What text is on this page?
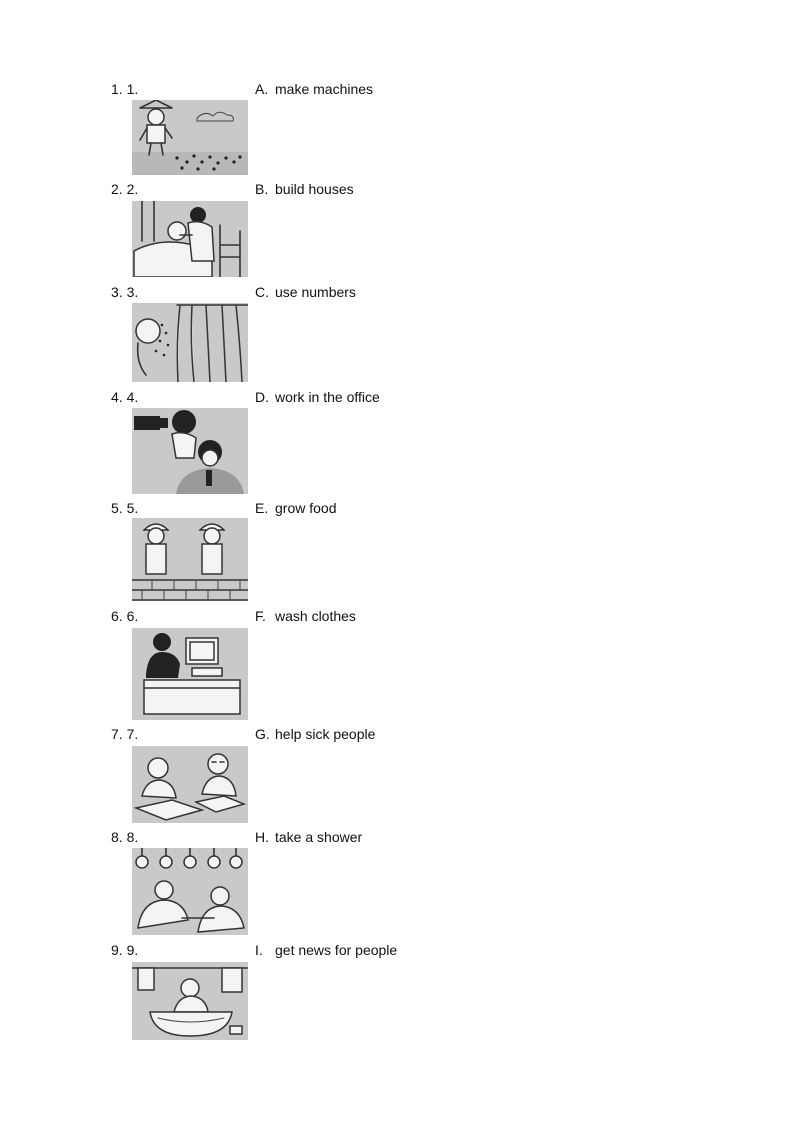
1. 1.	A. make machines
2. 2.	B. build houses
3. 3.	C. use numbers
4. 4.	D. work in the office
5. 5.	E. grow food
6. 6.	F. wash clothes
7. 7.	G. help sick people
8. 8.	H. take a shower
9. 9.	I. get news for people
